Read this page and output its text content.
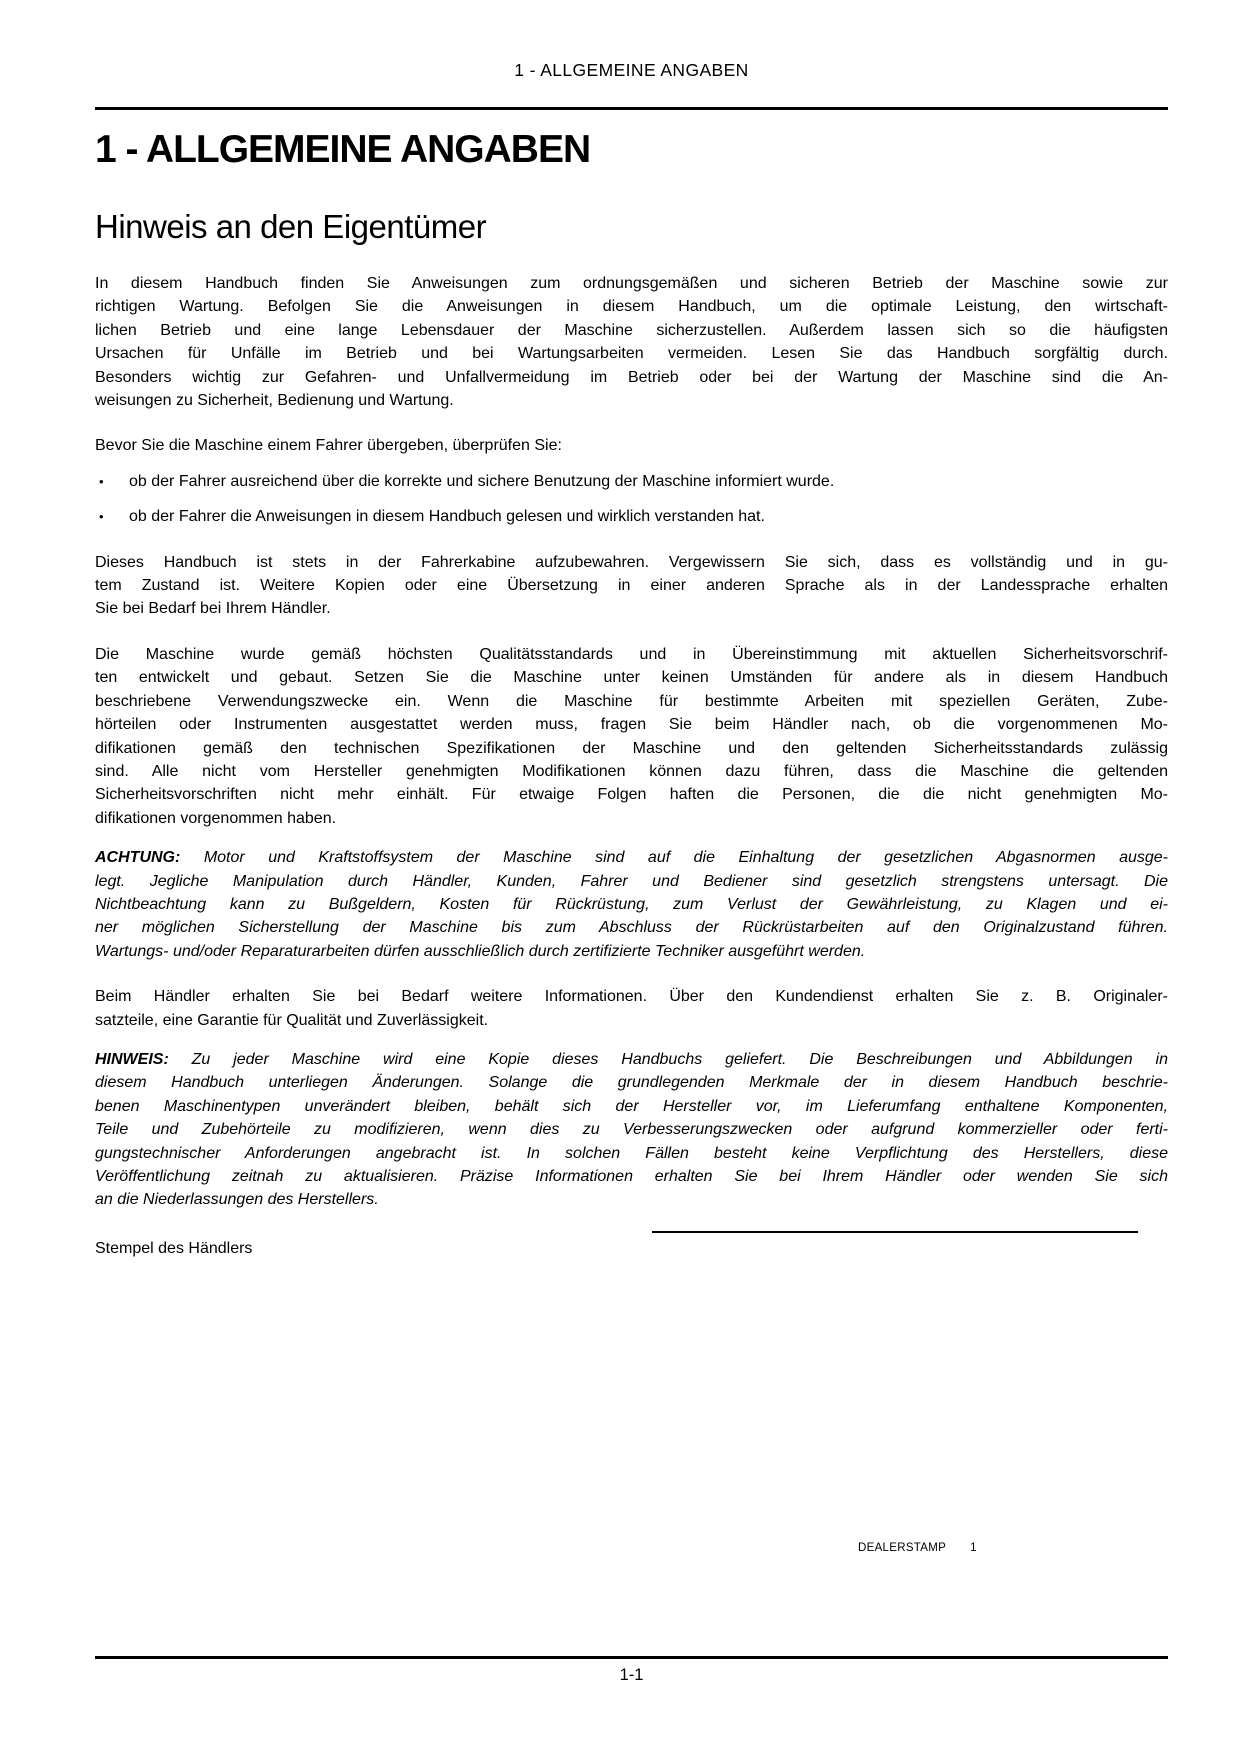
1 - ALLGEMEINE ANGABEN
1 - ALLGEMEINE ANGABEN
Hinweis an den Eigentümer
In diesem Handbuch finden Sie Anweisungen zum ordnungsgemäßen und sicheren Betrieb der Maschine sowie zur
richtigen Wartung. Befolgen Sie die Anweisungen in diesem Handbuch, um die optimale Leistung, den wirtschaft-
lichen Betrieb und eine lange Lebensdauer der Maschine sicherzustellen. Außerdem lassen sich so die häufigsten
Ursachen für Unfälle im Betrieb und bei Wartungsarbeiten vermeiden. Lesen Sie das Handbuch sorgfältig durch.
Besonders wichtig zur Gefahren- und Unfallvermeidung im Betrieb oder bei der Wartung der Maschine sind die An-
weisungen zu Sicherheit, Bedienung und Wartung.
Bevor Sie die Maschine einem Fahrer übergeben, überprüfen Sie:
•	ob der Fahrer ausreichend über die korrekte und sichere Benutzung der Maschine informiert wurde.
•	ob der Fahrer die Anweisungen in diesem Handbuch gelesen und wirklich verstanden hat.
Dieses Handbuch ist stets in der Fahrerkabine aufzubewahren. Vergewissern Sie sich, dass es vollständig und in gu-
tem Zustand ist. Weitere Kopien oder eine Übersetzung in einer anderen Sprache als in der Landessprache erhalten
Sie bei Bedarf bei Ihrem Händler.
Die Maschine wurde gemäß höchsten Qualitätsstandards und in Übereinstimmung mit aktuellen Sicherheitsvorschrif-
ten entwickelt und gebaut. Setzen Sie die Maschine unter keinen Umständen für andere als in diesem Handbuch
beschriebene Verwendungszwecke ein. Wenn die Maschine für bestimmte Arbeiten mit speziellen Geräten, Zube-
hörteilen oder Instrumenten ausgestattet werden muss, fragen Sie beim Händler nach, ob die vorgenommenen Mo-
difikationen gemäß den technischen Spezifikationen der Maschine und den geltenden Sicherheitsstandards zulässig
sind. Alle nicht vom Hersteller genehmigten Modifikationen können dazu führen, dass die Maschine die geltenden
Sicherheitsvorschriften nicht mehr einhält. Für etwaige Folgen haften die Personen, die die nicht genehmigten Mo-
difikationen vorgenommen haben.
ACHTUNG: Motor und Kraftstoffsystem der Maschine sind auf die Einhaltung der gesetzlichen Abgasnormen ausge-
legt. Jegliche Manipulation durch Händler, Kunden, Fahrer und Bediener sind gesetzlich strengstens untersagt. Die
Nichtbeachtung kann zu Bußgeldern, Kosten für Rückrüstung, zum Verlust der Gewährleistung, zu Klagen und ei-
ner möglichen Sicherstellung der Maschine bis zum Abschluss der Rückrüstarbeiten auf den Originalzustand führen.
Wartungs- und/oder Reparaturarbeiten dürfen ausschließlich durch zertifizierte Techniker ausgeführt werden.
Beim Händler erhalten Sie bei Bedarf weitere Informationen. Über den Kundendienst erhalten Sie z. B. Originaler-
satzteile, eine Garantie für Qualität und Zuverlässigkeit.
HINWEIS: Zu jeder Maschine wird eine Kopie dieses Handbuchs geliefert. Die Beschreibungen und Abbildungen in
diesem Handbuch unterliegen Änderungen. Solange die grundlegenden Merkmale der in diesem Handbuch beschrie-
benen Maschinentypen unverändert bleiben, behält sich der Hersteller vor, im Lieferumfang enthaltene Komponenten,
Teile und Zubehörteile zu modifizieren, wenn dies zu Verbesserungszwecken oder aufgrund kommerzieller oder ferti-
gungstechnischer Anforderungen angebracht ist. In solchen Fällen besteht keine Verpflichtung des Herstellers, diese
Veröffentlichung zeitnah zu aktualisieren. Präzise Informationen erhalten Sie bei Ihrem Händler oder wenden Sie sich
an die Niederlassungen des Herstellers.
Stempel des Händlers
DEALERSTAMP 1
1-1
